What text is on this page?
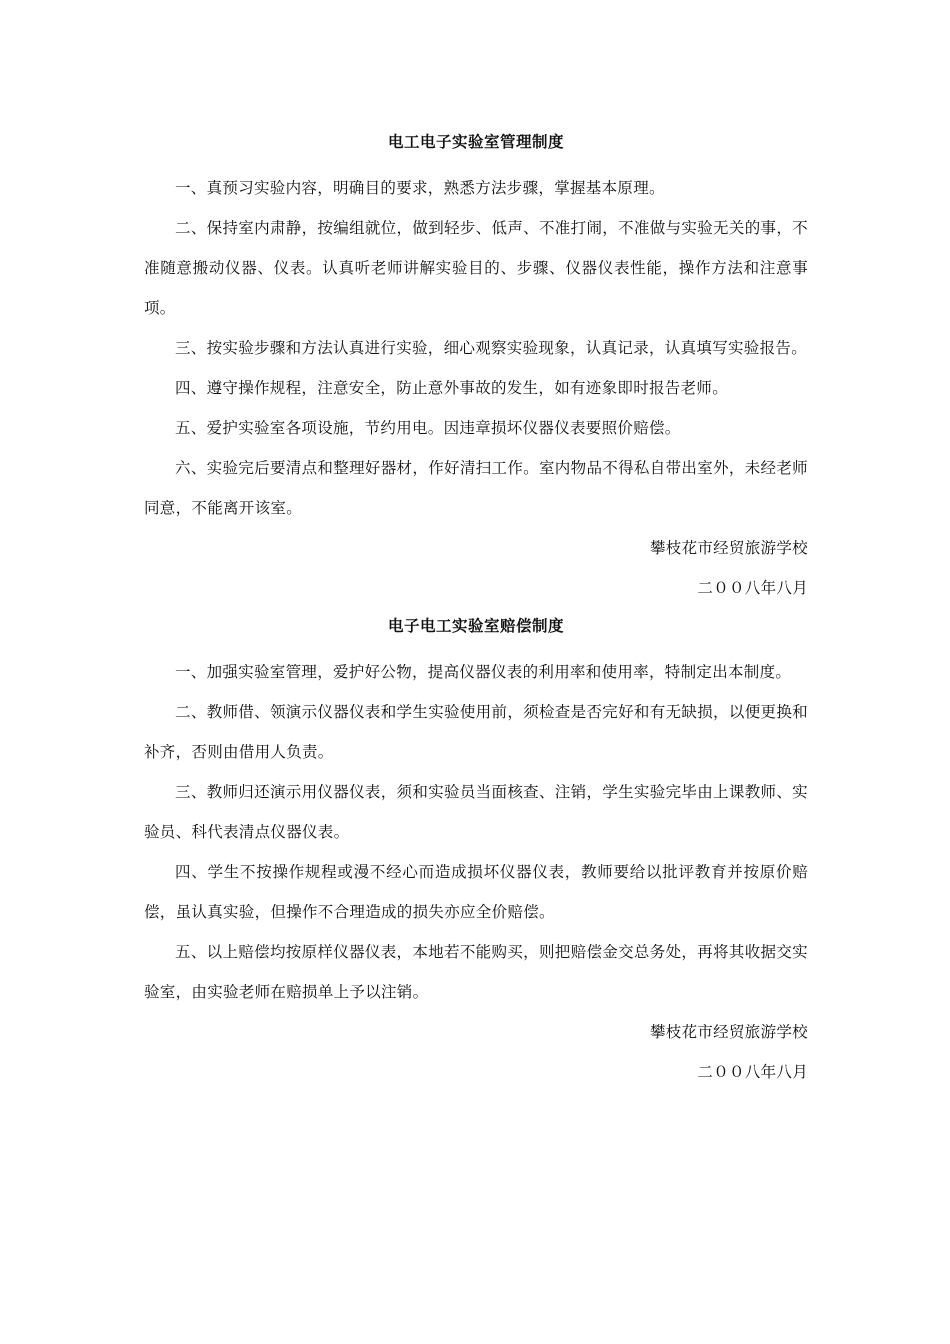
电工电子实验室管理制度

一、真预习实验内容，明确目的要求，熟悉方法步骤，掌握基本原理。

二、保持室内肃静，按编组就位，做到轻步、低声、不准打闹，不准做与实验无关的事，不准随意搬动仪器、仪表。认真听老师讲解实验目的、步骤、仪器仪表性能，操作方法和注意事项。

三、按实验步骤和方法认真进行实验，细心观察实验现象，认真记录，认真填写实验报告。

四、遵守操作规程，注意安全，防止意外事故的发生，如有迹象即时报告老师。

五、爱护实验室各项设施，节约用电。因违章损坏仪器仪表要照价赔偿。

六、实验完后要清点和整理好器材，作好清扫工作。室内物品不得私自带出室外，未经老师同意，不能离开该室。

攀枝花市经贸旅游学校

二００八年八月

电子电工实验室赔偿制度

一、加强实验室管理，爱护好公物，提高仪器仪表的利用率和使用率，特制定出本制度。

二、教师借、领演示仪器仪表和学生实验使用前，须检查是否完好和有无缺损，以便更换和补齐，否则由借用人负责。

三、教师归还演示用仪器仪表，须和实验员当面核查、注销，学生实验完毕由上课教师、实验员、科代表清点仪器仪表。

四、学生不按操作规程或漫不经心而造成损坏仪器仪表，教师要给以批评教育并按原价赔偿，虽认真实验，但操作不合理造成的损失亦应全价赔偿。

五、以上赔偿均按原样仪器仪表，本地若不能购买，则把赔偿金交总务处，再将其收据交实验室，由实验老师在赔损单上予以注销。

攀枝花市经贸旅游学校

二００八年八月
